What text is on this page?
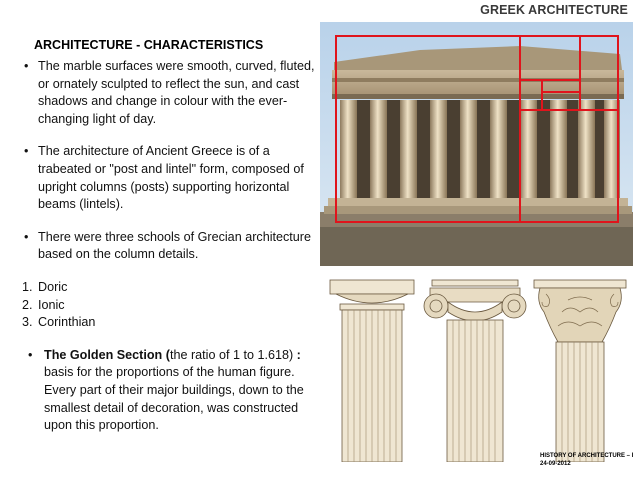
GREEK ARCHITECTURE
ARCHITECTURE - CHARACTERISTICS
• The marble surfaces were smooth, curved, fluted, or ornately sculpted to reflect the sun, and cast shadows and change in colour with the ever-changing light of day.
• The architecture of Ancient Greece is of a trabeated or "post and lintel" form, composed of upright columns (posts) supporting horizontal beams (lintels).
• There were three schools of Grecian architecture based on the column details.
1. Doric
2. Ionic
3. Corinthian
• The Golden Section (the ratio of 1 to 1.618) : basis for the proportions of the human figure. Every part of their major buildings, down to the smallest detail of decoration, was constructed upon this proportion.
HISTORY OF ARCHITECTURE – I
24-09-2012
